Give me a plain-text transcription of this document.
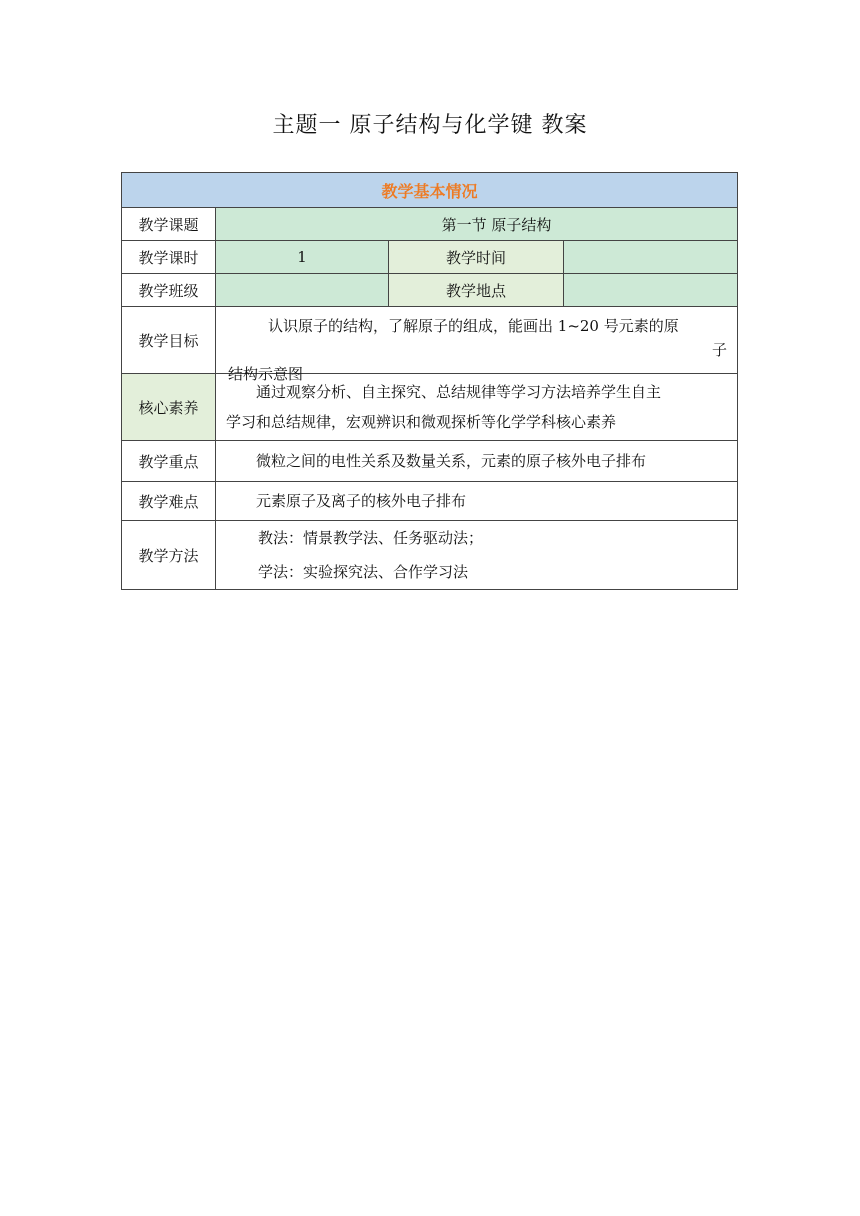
主题一 原子结构与化学键 教案
教学基本情况			
教学课题	第一节 原子结构		
教学课时	1	教学时间	
教学班级		教学地点	
教学目标	认识原子的结构，了解原子的组成，能画出 1~20 号元素的原
子
结构示意图		

核心素养	通过观察分析、自主探究、总结规律等学习方法培养学生自主
学习和总结规律，宏观辨识和微观探析等化学学科核心素养		

教学重点	微粒之间的电性关系及数量关系，元素的原子核外电子排布		

教学难点	元素原子及离子的核外电子排布		

教学方法	教法：情景教学法、任务驱动法；
学法：实验探究法、合作学习法		
